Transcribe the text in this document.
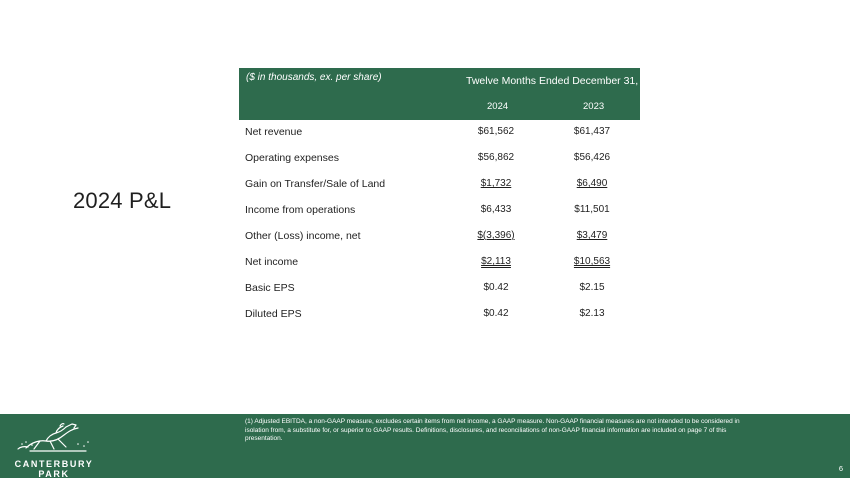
2024 P&L
($ in thousands, ex. per share)	Twelve Months Ended December 31,
2024	2023
Net revenue	$61,562	$61,437
Operating expenses	$56,862	$56,426
Gain on Transfer/Sale of Land	$1,732	$6,490
Income from operations	$6,433	$11,501
Other (Loss) income, net	$(3,396)	$3,479
Net income	$2,113	$10,563
Basic EPS	$0.42	$2.15
Diluted EPS	$0.42	$2.13
CANTERBURY
PARK
(1) Adjusted EBITDA, a non-GAAP measure, excludes certain items from net income, a GAAP measure. Non-GAAP financial measures are not intended to be considered in isolation from, a substitute for, or superior to GAAP results. Definitions, disclosures, and reconciliations of non-GAAP financial information are included on page 7 of this presentation.
6
